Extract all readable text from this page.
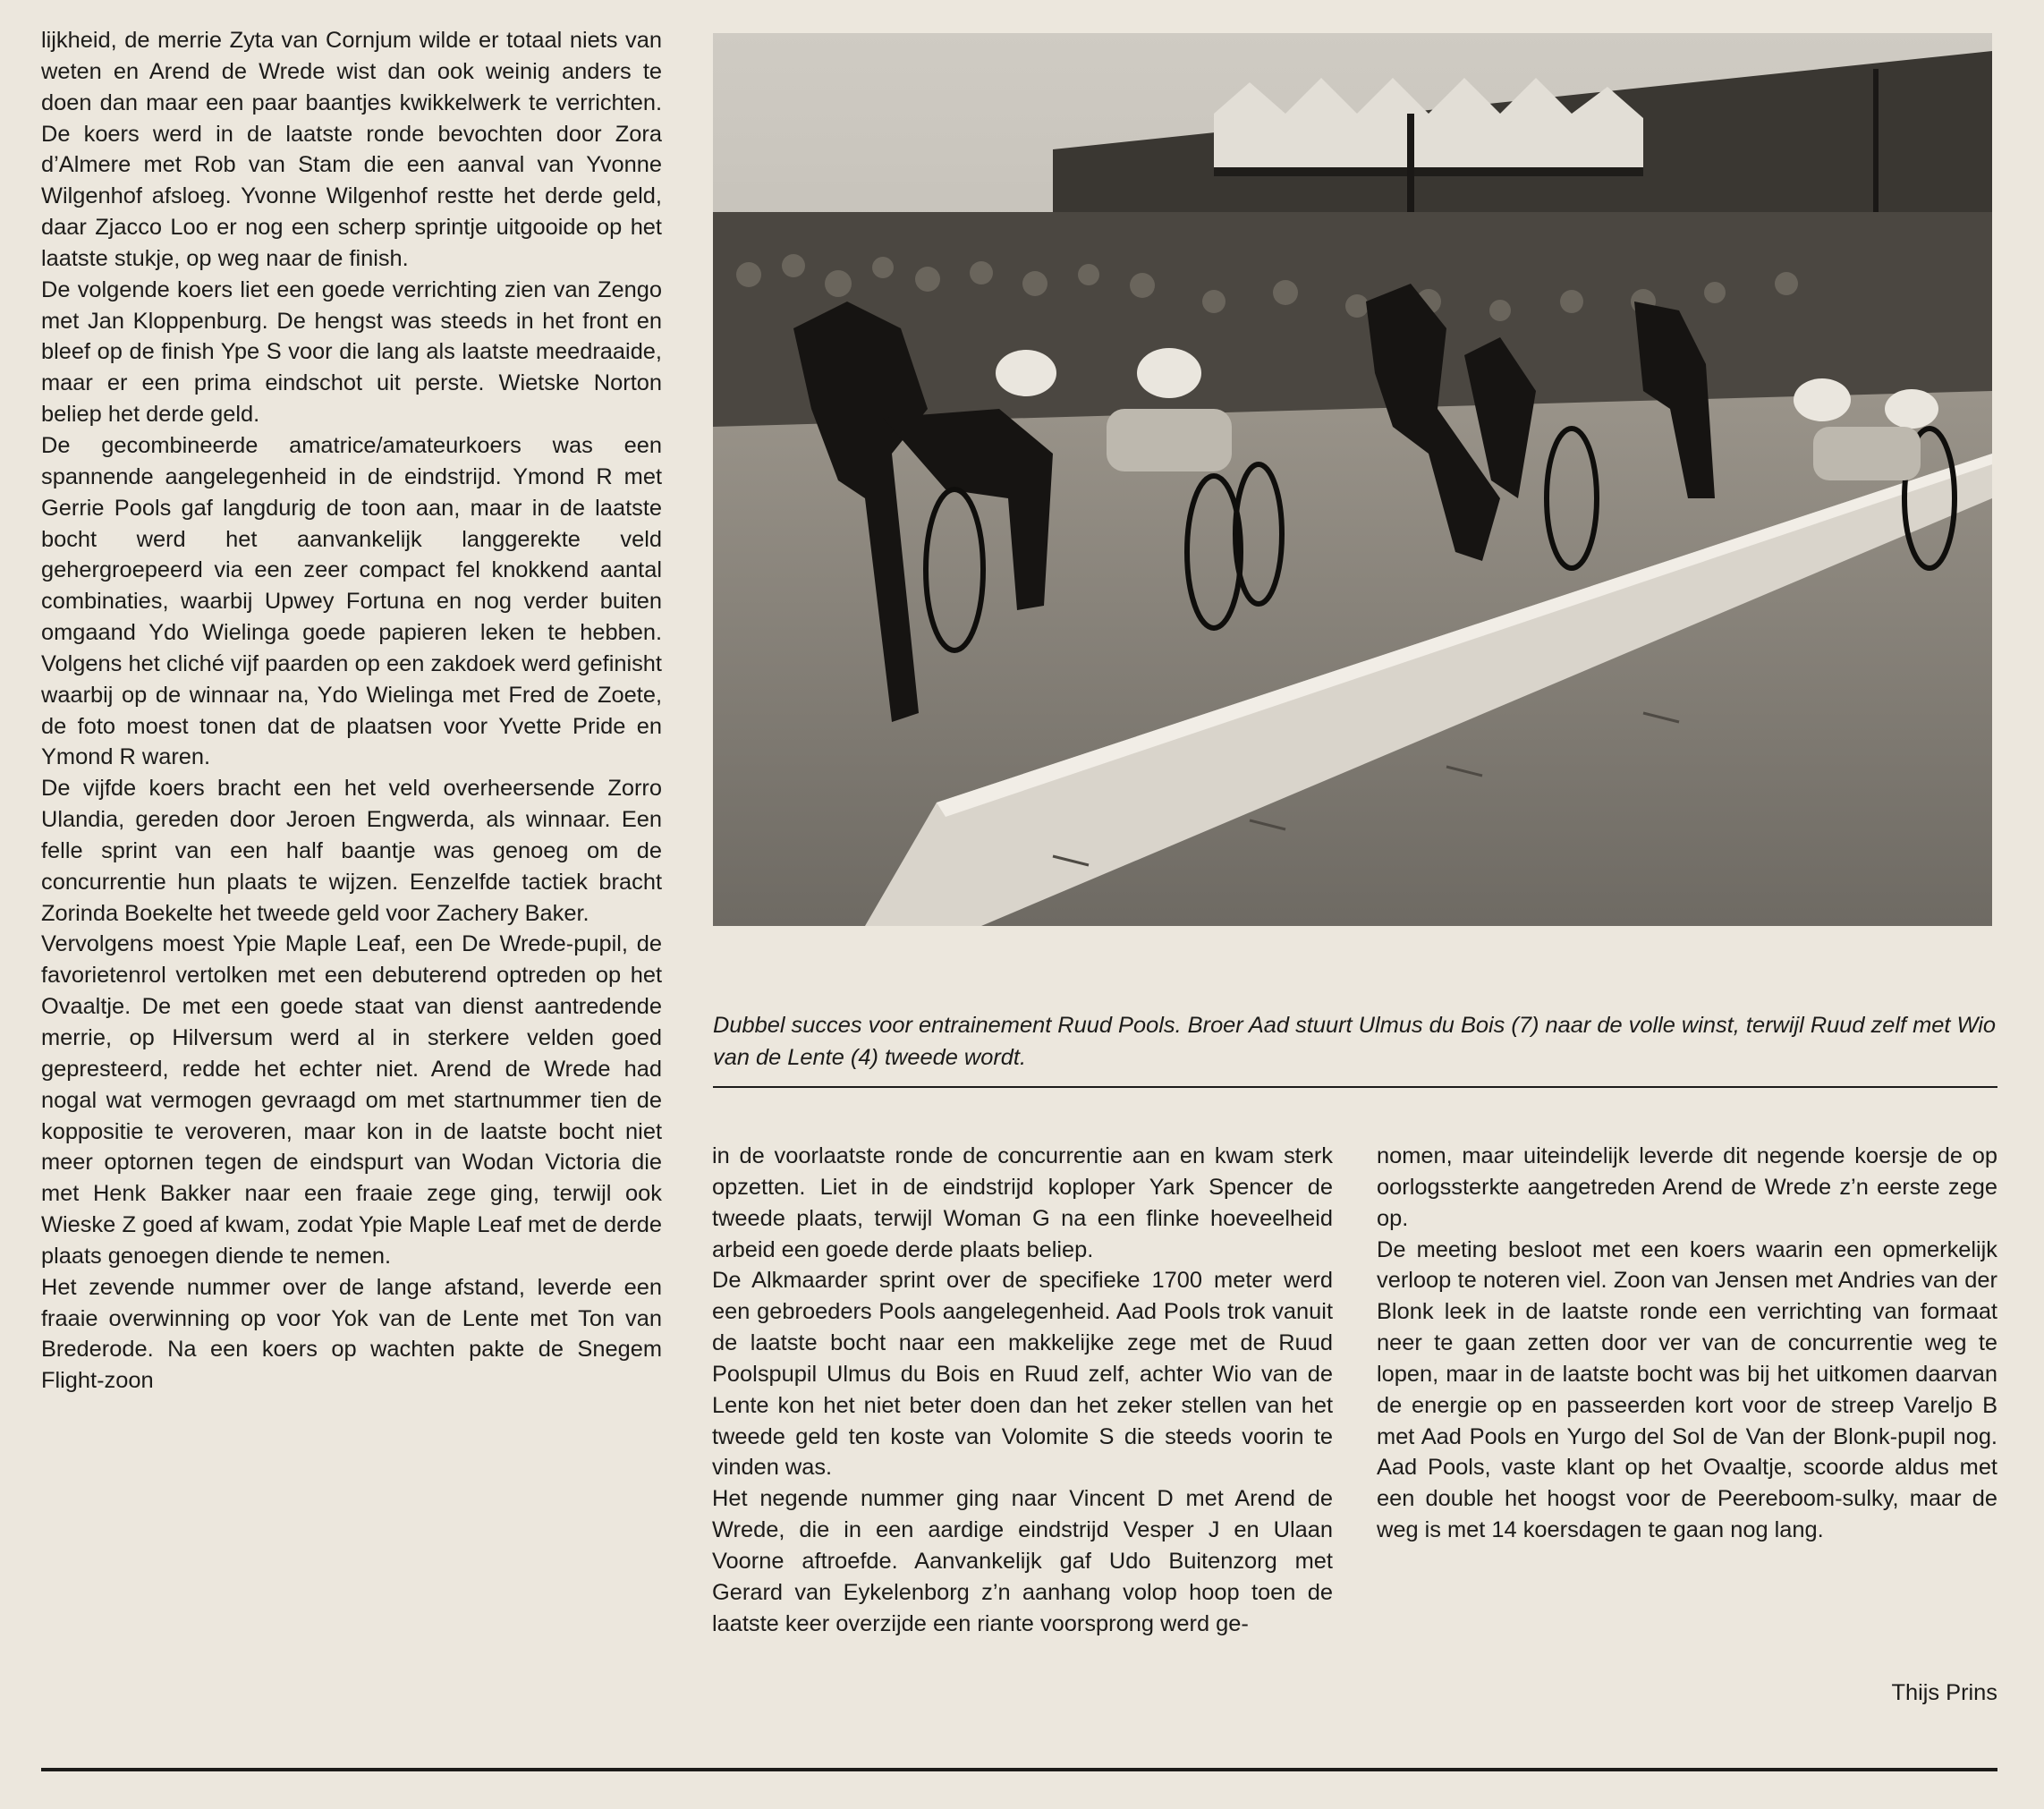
lijkheid, de merrie Zyta van Cornjum wilde er totaal niets van weten en Arend de Wrede wist dan ook weinig anders te doen dan maar een paar baantjes kwikkelwerk te verrichten. De koers werd in de laatste ronde bevochten door Zora d’Almere met Rob van Stam die een aanval van Yvonne Wilgenhof afsloeg. Yvonne Wilgenhof restte het derde geld, daar Zjacco Loo er nog een scherp sprintje uitgooide op het laatste stukje, op weg naar de finish.

De volgende koers liet een goede verrichting zien van Zengo met Jan Kloppenburg. De hengst was steeds in het front en bleef op de finish Ype S voor die lang als laatste meedraaide, maar er een prima eindschot uit perste. Wietske Norton beliep het derde geld.

De gecombineerde amatrice/amateurkoers was een spannende aangelegenheid in de eindstrijd. Ymond R met Gerrie Pools gaf langdurig de toon aan, maar in de laatste bocht werd het aanvankelijk langgerekte veld gehergroepeerd via een zeer compact fel knokkend aantal combinaties, waarbij Upwey Fortuna en nog verder buiten omgaand Ydo Wielinga goede papieren leken te hebben. Volgens het cliché vijf paarden op een zakdoek werd gefinisht waarbij op de winnaar na, Ydo Wielinga met Fred de Zoete, de foto moest tonen dat de plaatsen voor Yvette Pride en Ymond R waren.

De vijfde koers bracht een het veld overheersende Zorro Ulandia, gereden door Jeroen Engwerda, als winnaar. Een felle sprint van een half baantje was genoeg om de concurrentie hun plaats te wijzen. Eenzelfde tactiek bracht Zorinda Boekelte het tweede geld voor Zachery Baker.

Vervolgens moest Ypie Maple Leaf, een De Wrede-pupil, de favorietenrol vertolken met een debuterend optreden op het Ovaaltje. De met een goede staat van dienst aantredende merrie, op Hilversum werd al in sterkere velden goed gepresteerd, redde het echter niet. Arend de Wrede had nogal wat vermogen gevraagd om met startnummer tien de koppositie te veroveren, maar kon in de laatste bocht niet meer optornen tegen de eindspurt van Wodan Victoria die met Henk Bakker naar een fraaie zege ging, terwijl ook Wieske Z goed af kwam, zodat Ypie Maple Leaf met de derde plaats genoegen diende te nemen.

Het zevende nummer over de lange afstand, leverde een fraaie overwinning op voor Yok van de Lente met Ton van Brederode. Na een koers op wachten pakte de Snegem Flight-zoon

Dubbel succes voor entrainement Ruud Pools. Broer Aad stuurt Ulmus du Bois (7) naar de volle winst, terwijl Ruud zelf met Wio van de Lente (4) tweede wordt.

in de voorlaatste ronde de concurrentie aan en kwam sterk opzetten. Liet in de eindstrijd koploper Yark Spencer de tweede plaats, terwijl Woman G na een flinke hoeveelheid arbeid een goede derde plaats beliep.

De Alkmaarder sprint over de specifieke 1700 meter werd een gebroeders Pools aangelegenheid. Aad Pools trok vanuit de laatste bocht naar een makkelijke zege met de Ruud Poolspupil Ulmus du Bois en Ruud zelf, achter Wio van de Lente kon het niet beter doen dan het zeker stellen van het tweede geld ten koste van Volomite S die steeds voorin te vinden was.

Het negende nummer ging naar Vincent D met Arend de Wrede, die in een aardige eindstrijd Vesper J en Ulaan Voorne aftroefde. Aanvankelijk gaf Udo Buitenzorg met Gerard van Eykelenborg z’n aanhang volop hoop toen de laatste keer overzijde een riante voorsprong werd ge-

nomen, maar uiteindelijk leverde dit negende koersje de op oorlogssterkte aangetreden Arend de Wrede z’n eerste zege op.

De meeting besloot met een koers waarin een opmerkelijk verloop te noteren viel. Zoon van Jensen met Andries van der Blonk leek in de laatste ronde een verrichting van formaat neer te gaan zetten door ver van de concurrentie weg te lopen, maar in de laatste bocht was bij het uitkomen daarvan de energie op en passeerden kort voor de streep Vareljo B met Aad Pools en Yurgo del Sol de Van der Blonk-pupil nog. Aad Pools, vaste klant op het Ovaaltje, scoorde aldus met een double het hoogst voor de Peereboom-sulky, maar de weg is met 14 koersdagen te gaan nog lang.

Thijs Prins
